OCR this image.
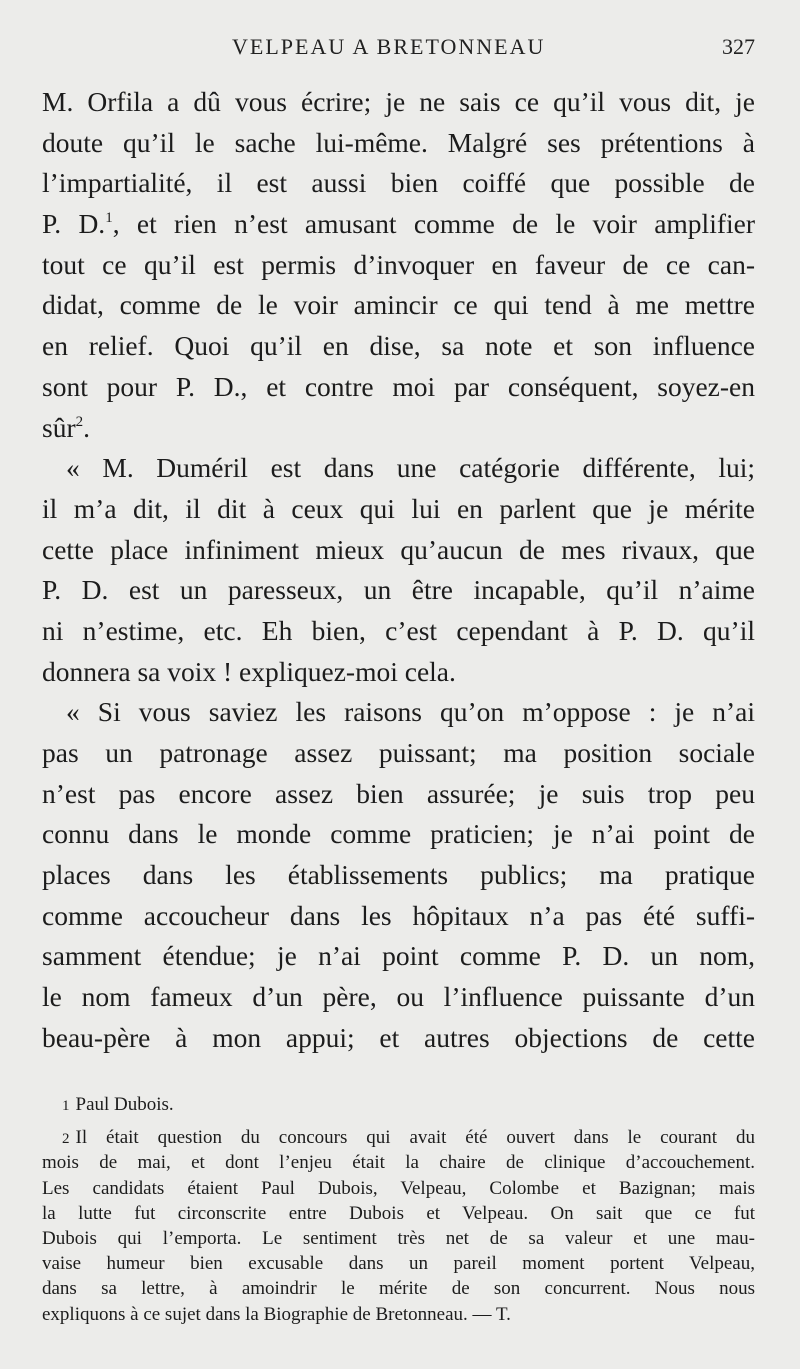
VELPEAU A BRETONNEAU	327
M. Orfila a dû vous écrire; je ne sais ce qu’il vous dit, je
doute qu’il le sache lui-même. Malgré ses prétentions à
l’impartialité, il est aussi bien coiffé que possible de
P. D.$^1$, et rien n’est amusant comme de le voir amplifier
tout ce qu’il est permis d’invoquer en faveur de ce can-
didat, comme de le voir amincir ce qui tend à me mettre
en relief. Quoi qu’il en dise, sa note et son influence
sont pour P. D., et contre moi par conséquent, soyez-en
sûr$^2$.
« M. Duméril est dans une catégorie différente, lui;
il m’a dit, il dit à ceux qui lui en parlent que je mérite
cette place infiniment mieux qu’aucun de mes rivaux, que
P. D. est un paresseux, un être incapable, qu’il n’aime
ni n’estime, etc. Eh bien, c’est cependant à P. D. qu’il
donnera sa voix ! expliquez-moi cela.
« Si vous saviez les raisons qu’on m’oppose : je n’ai
pas un patronage assez puissant; ma position sociale
n’est pas encore assez bien assurée; je suis trop peu
connu dans le monde comme praticien; je n’ai point de
places dans les établissements publics; ma pratique
comme accoucheur dans les hôpitaux n’a pas été suffi-
samment étendue; je n’ai point comme P. D. un nom,
le nom fameux d’un père, ou l’influence puissante d’un
beau-père à mon appui; et autres objections de cette
1 Paul Dubois.
2 Il était question du concours qui avait été ouvert dans le courant du
mois de mai, et dont l’enjeu était la chaire de clinique d’accouchement.
Les candidats étaient Paul Dubois, Velpeau, Colombe et Bazignan; mais
la lutte fut circonscrite entre Dubois et Velpeau. On sait que ce fut
Dubois qui l’emporta. Le sentiment très net de sa valeur et une mau-
vaise humeur bien excusable dans un pareil moment portent Velpeau,
dans sa lettre, à amoindrir le mérite de son concurrent. Nous nous
expliquons à ce sujet dans la Biographie de Bretonneau. — T.
